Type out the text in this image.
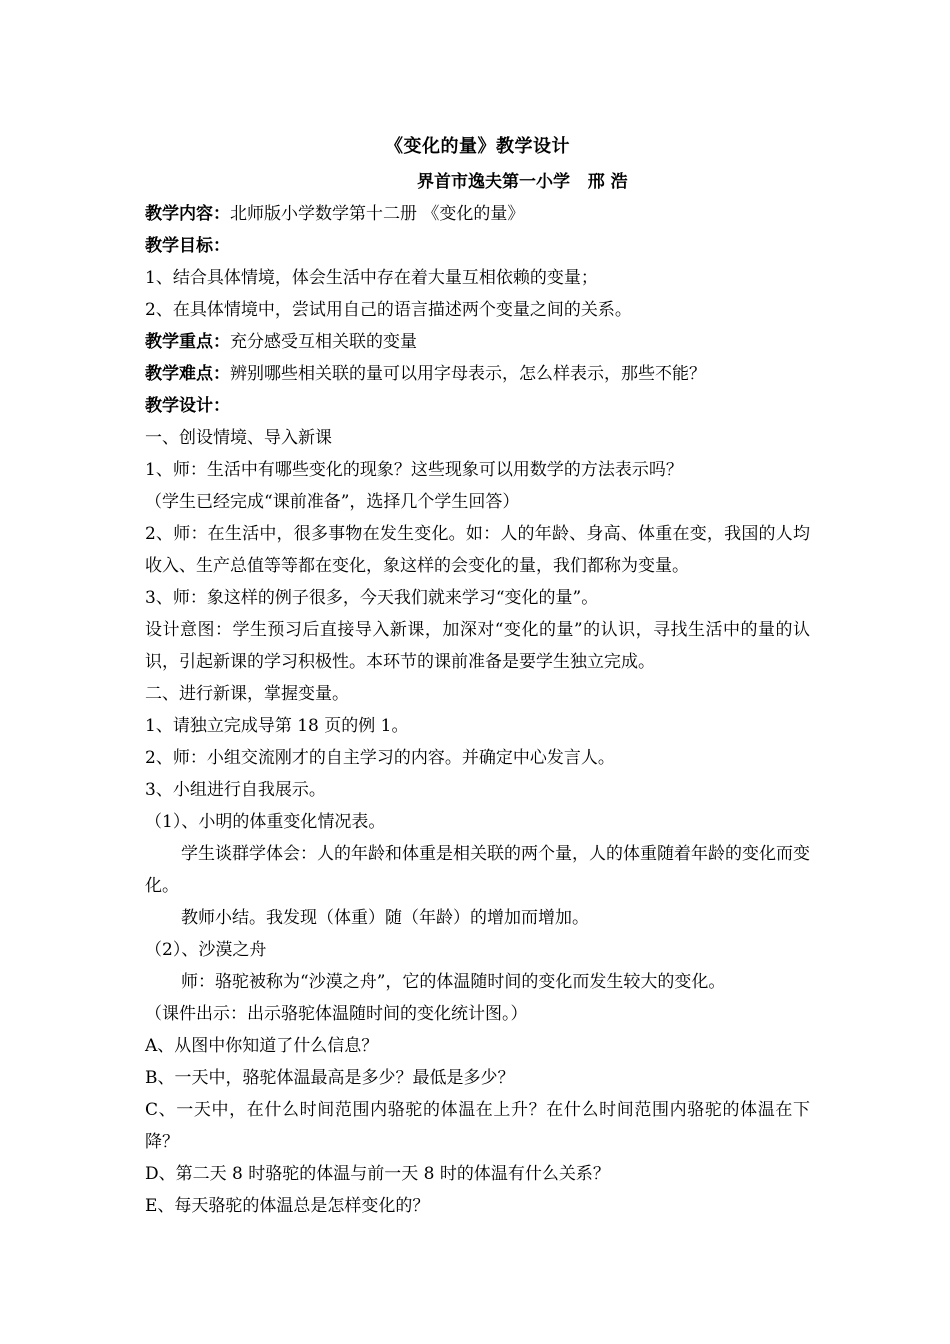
《变化的量》教学设计
界首市逸夫第一小学   邢 浩

教学内容：北师版小学数学第十二册 《变化的量》

教学目标：

1、结合具体情境，体会生活中存在着大量互相依赖的变量；

2、在具体情境中，尝试用自己的语言描述两个变量之间的关系。

教学重点：充分感受互相关联的变量

教学难点：辨别哪些相关联的量可以用字母表示，怎么样表示，那些不能？

教学设计：

一、创设情境、导入新课

1、师：生活中有哪些变化的现象？这些现象可以用数学的方法表示吗？

（学生已经完成“课前准备”，选择几个学生回答）

2、师：在生活中，很多事物在发生变化。如：人的年龄、身高、体重在变，我国的人均收入、生产总值等等都在变化，象这样的会变化的量，我们都称为变量。

3、师：象这样的例子很多，今天我们就来学习“变化的量”。

设计意图：学生预习后直接导入新课，加深对“变化的量”的认识，寻找生活中的量的认识，引起新课的学习积极性。本环节的课前准备是要学生独立完成。

二、进行新课，掌握变量。

1、请独立完成导第 18 页的例 1。

2、师：小组交流刚才的自主学习的内容。并确定中心发言人。

3、小组进行自我展示。

（1）、小明的体重变化情况表。

学生谈群学体会：人的年龄和体重是相关联的两个量，人的体重随着年龄的变化而变化。

教师小结。我发现（体重）随（年龄）的增加而增加。

（2）、沙漠之舟

师：骆驼被称为“沙漠之舟”，它的体温随时间的变化而发生较大的变化。

（课件出示：出示骆驼体温随时间的变化统计图。）

A、从图中你知道了什么信息？

B、一天中，骆驼体温最高是多少？最低是多少？

C、一天中，在什么时间范围内骆驼的体温在上升？在什么时间范围内骆驼的体温在下降？

D、第二天 8 时骆驼的体温与前一天 8 时的体温有什么关系？

E、每天骆驼的体温总是怎样变化的？
